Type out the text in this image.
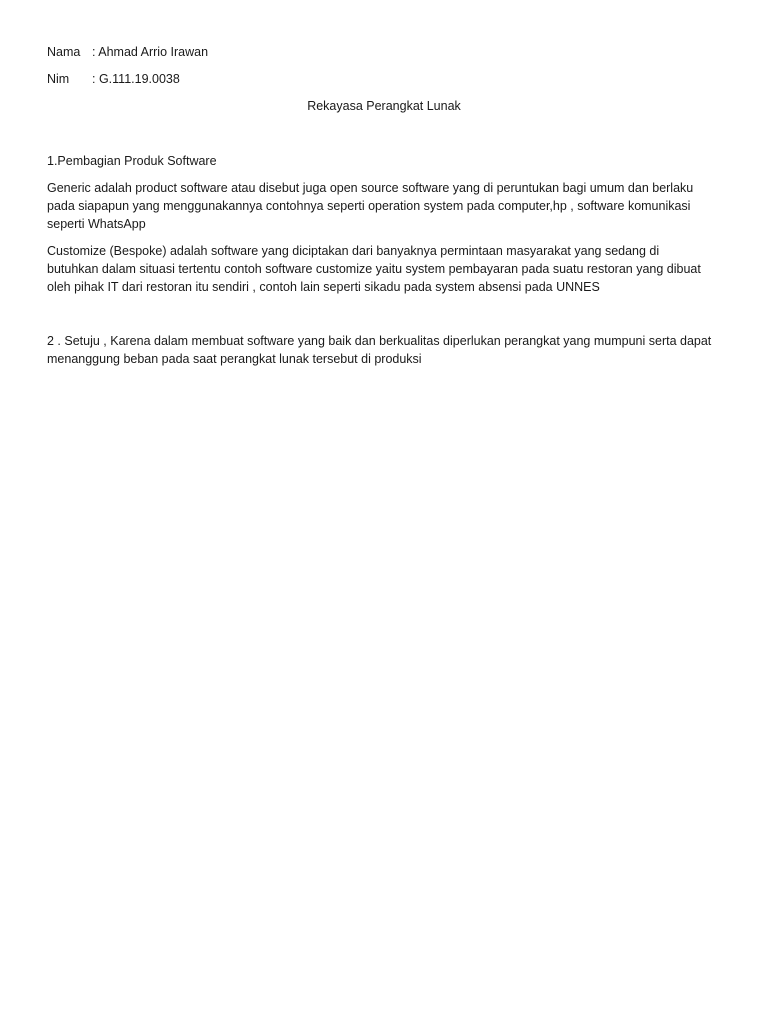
Nama : Ahmad Arrio Irawan
Nim : G.111.19.0038
Rekayasa Perangkat Lunak
1.Pembagian Produk Software
Generic adalah product software atau disebut juga open source software yang di peruntukan bagi umum dan berlaku pada siapapun yang menggunakannya contohnya seperti operation system pada computer,hp , software komunikasi seperti WhatsApp
Customize (Bespoke) adalah software yang diciptakan dari banyaknya permintaan masyarakat yang sedang di butuhkan dalam situasi tertentu contoh software customize yaitu system pembayaran pada suatu restoran yang dibuat oleh pihak IT dari restoran itu sendiri , contoh lain seperti sikadu pada system absensi pada UNNES
2 . Setuju , Karena dalam membuat software yang baik dan berkualitas diperlukan perangkat yang mumpuni serta dapat menanggung beban pada saat perangkat lunak tersebut di produksi
